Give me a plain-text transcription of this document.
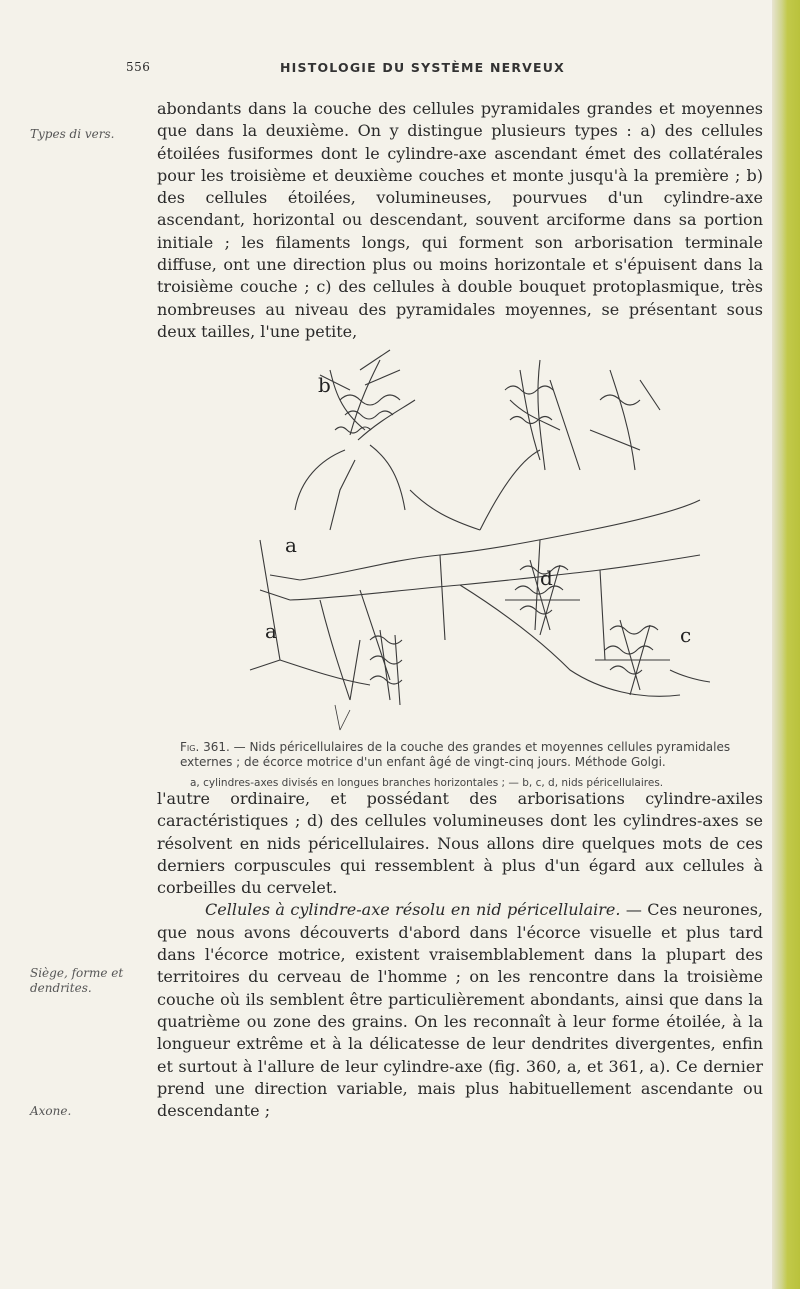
556	HISTOLOGIE DU SYSTÈME NERVEUX
Types di vers.
Siège, forme et dendrites.
Axone.

abondants dans la couche des cellules pyramidales grandes et moyennes que dans la deuxième. On y distingue plusieurs types : a) des cellules étoilées fusiformes dont le cylindre-axe ascendant émet des collatérales pour les troisième et deuxième couches et monte jusqu'à la première ; b) des cellules étoilées, volumineuses, pourvues d'un cylindre-axe ascendant, horizontal ou descendant, souvent arciforme dans sa portion initiale ; les filaments longs, qui forment son arborisation terminale diffuse, ont une direction plus ou moins horizontale et s'épuisent dans la troisième couche ; c) des cellules à double bouquet protoplasmique, très nombreuses au niveau des pyramidales moyennes, se présentant sous deux tailles, l'une petite,

b
a
a
d
c

Fig. 361. — Nids péricellulaires de la couche des grandes et moyennes cellules pyramidales externes ; de écorce motrice d'un enfant âgé de vingt-cinq jours. Méthode Golgi.

a, cylindres-axes divisés en longues branches horizontales ; — b, c, d, nids péricellulaires.

l'autre ordinaire, et possédant des arborisations cylindre-axiles caractéristiques ; d) des cellules volumineuses dont les cylindres-axes se résolvent en nids péricellulaires. Nous allons dire quelques mots de ces derniers corpuscules qui ressemblent à plus d'un égard aux cellules à corbeilles du cervelet.

Cellules à cylindre-axe résolu en nid péricellulaire. — Ces neurones, que nous avons découverts d'abord dans l'écorce visuelle et plus tard dans l'écorce motrice, existent vraisemblablement dans la plupart des territoires du cerveau de l'homme ; on les rencontre dans la troisième couche où ils semblent être particulièrement abondants, ainsi que dans la quatrième ou zone des grains. On les reconnaît à leur forme étoilée, à la longueur extrême et à la délicatesse de leur dendrites divergentes, enfin et surtout à l'allure de leur cylindre-axe (fig. 360, a, et 361, a). Ce dernier prend une direction variable, mais plus habituellement ascendante ou descendante ;
